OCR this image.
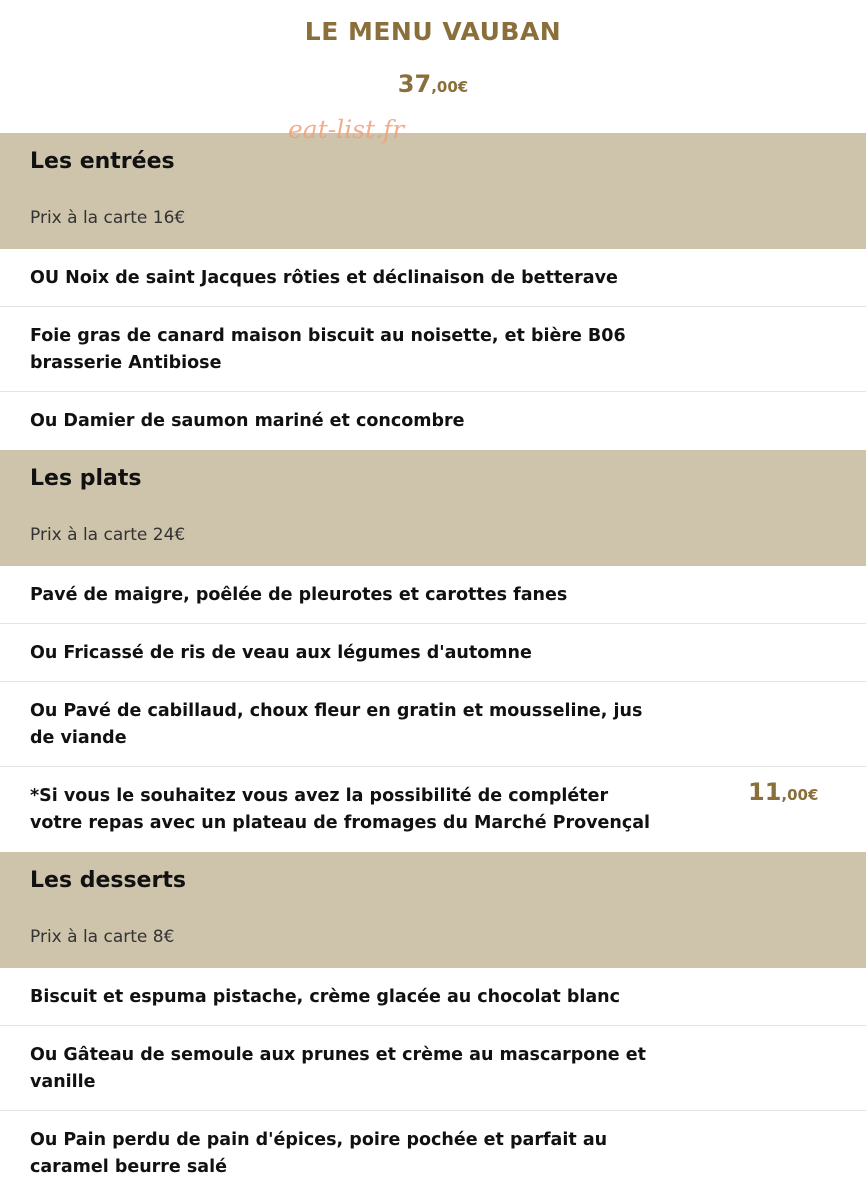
LE MENU VAUBAN
37,00€
eat-list.fr
Les entrées
Prix à la carte 16€
OU Noix de saint Jacques rôties et déclinaison de betterave
Foie gras de canard maison biscuit au noisette, et bière B06 brasserie Antibiose
Ou Damier de saumon mariné et concombre
Les plats
Prix à la carte 24€
Pavé de maigre, poêlée de pleurotes et carottes fanes
Ou Fricassé de ris de veau aux légumes d'automne
Ou Pavé de cabillaud, choux fleur en gratin et mousseline, jus de viande
*Si vous le souhaitez vous avez la possibilité de compléter votre repas avec un plateau de fromages du Marché Provençal
11,00€
Les desserts
Prix à la carte 8€
Biscuit et espuma pistache, crème glacée au chocolat blanc
Ou Gâteau de semoule aux prunes et crème au mascarpone et vanille
Ou Pain perdu de pain d'épices, poire pochée et parfait au caramel beurre salé
